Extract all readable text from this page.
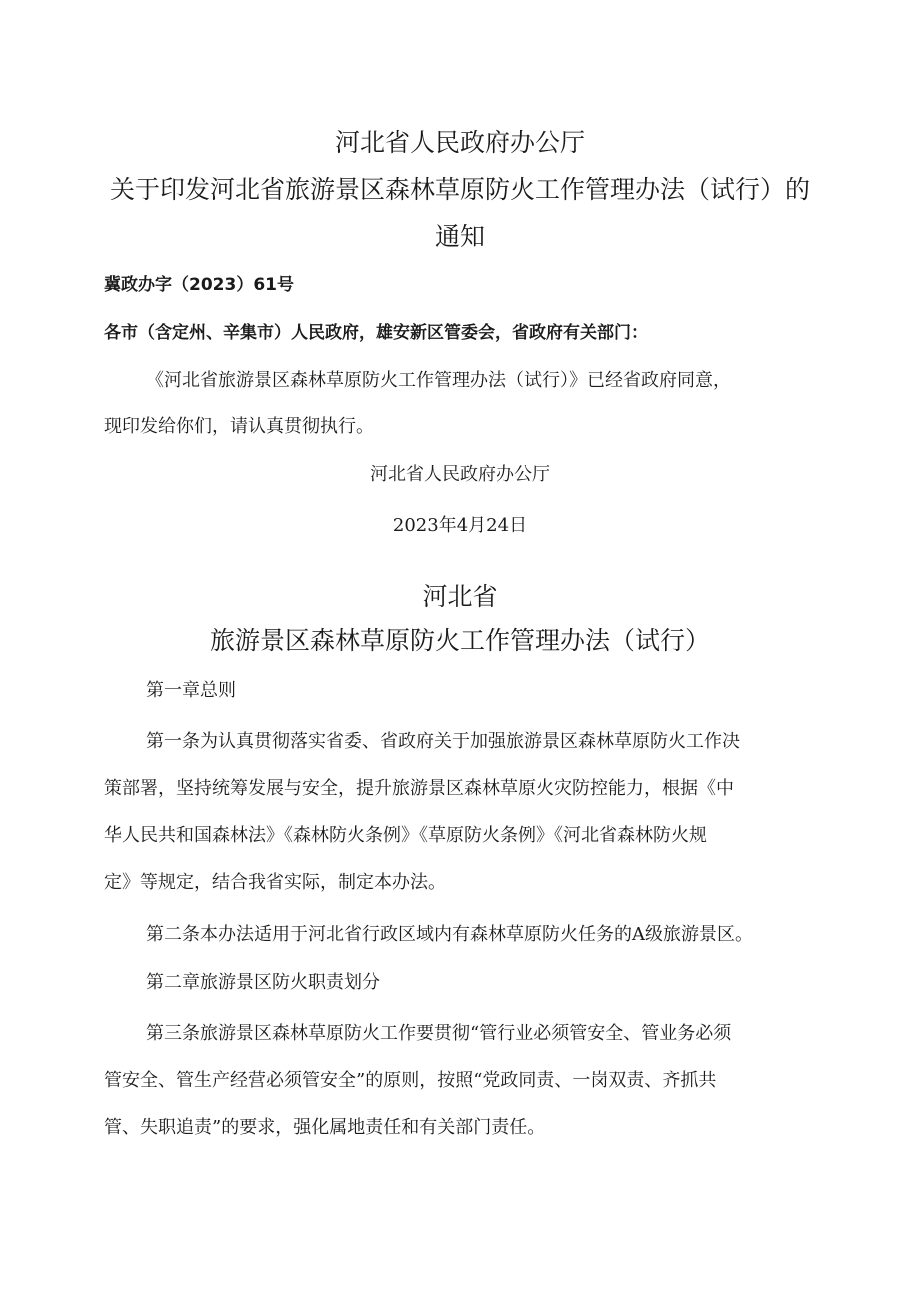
河北省人民政府办公厅
关于印发河北省旅游景区森林草原防火工作管理办法（试行）的
通知
冀政办字（2023）61号
各市（含定州、辛集市）人民政府，雄安新区管委会，省政府有关部门：
《河北省旅游景区森林草原防火工作管理办法（试行）》已经省政府同意，
现印发给你们，请认真贯彻执行。
河北省人民政府办公厅
2023年4月24日
河北省
旅游景区森林草原防火工作管理办法（试行）
第一章总则
第一条为认真贯彻落实省委、省政府关于加强旅游景区森林草原防火工作决
策部署，坚持统筹发展与安全，提升旅游景区森林草原火灾防控能力，根据《中
华人民共和国森林法》《森林防火条例》《草原防火条例》《河北省森林防火规
定》等规定，结合我省实际，制定本办法。
第二条本办法适用于河北省行政区域内有森林草原防火任务的A级旅游景区。
第二章旅游景区防火职责划分
第三条旅游景区森林草原防火工作要贯彻“管行业必须管安全、管业务必须
管安全、管生产经营必须管安全”的原则，按照“党政同责、一岗双责、齐抓共
管、失职追责”的要求，强化属地责任和有关部门责任。
